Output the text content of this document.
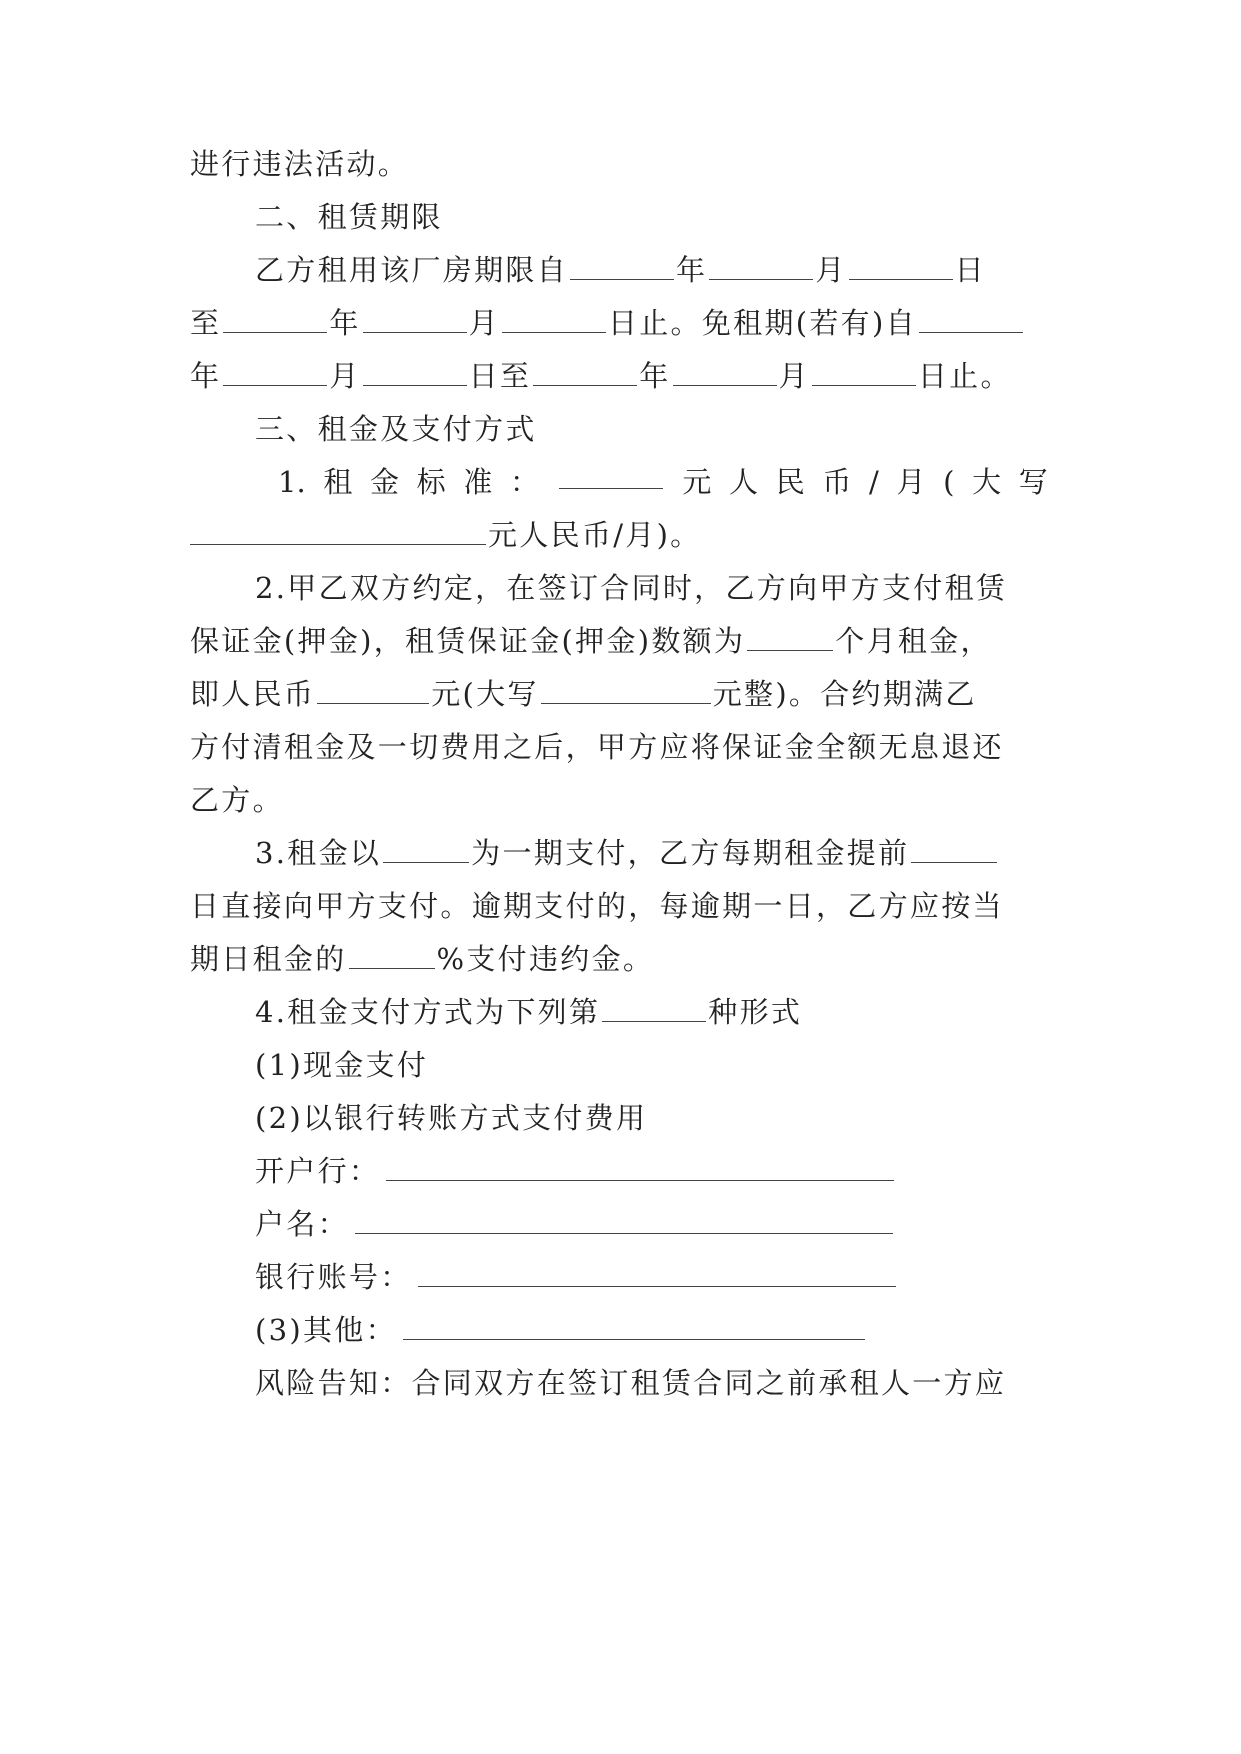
进行违法活动。
二、租赁期限
乙方租用该厂房期限自	年	月	日
至	年	月	日止。免租期(若有)自
年	月	日至	年	月	日止。
三、租金及支付方式
1. 租 金 标 准 ：	元 人 民 币 / 月 ( 大 写
元人民币/月)。
2.甲乙双方约定，在签订合同时，乙方向甲方支付租赁
保证金(押金)，租赁保证金(押金)数额为	个月租金，
即人民币	元(大写	元整)。合约期满乙
方付清租金及一切费用之后，甲方应将保证金全额无息退还
乙方。
3.租金以	为一期支付，乙方每期租金提前
日直接向甲方支付。逾期支付的，每逾期一日，乙方应按当
期日租金的	%支付违约金。
4.租金支付方式为下列第	种形式
(1)现金支付
(2)以银行转账方式支付费用
开户行：
户名：
银行账号：
(3)其他：
风险告知：合同双方在签订租赁合同之前承租人一方应
